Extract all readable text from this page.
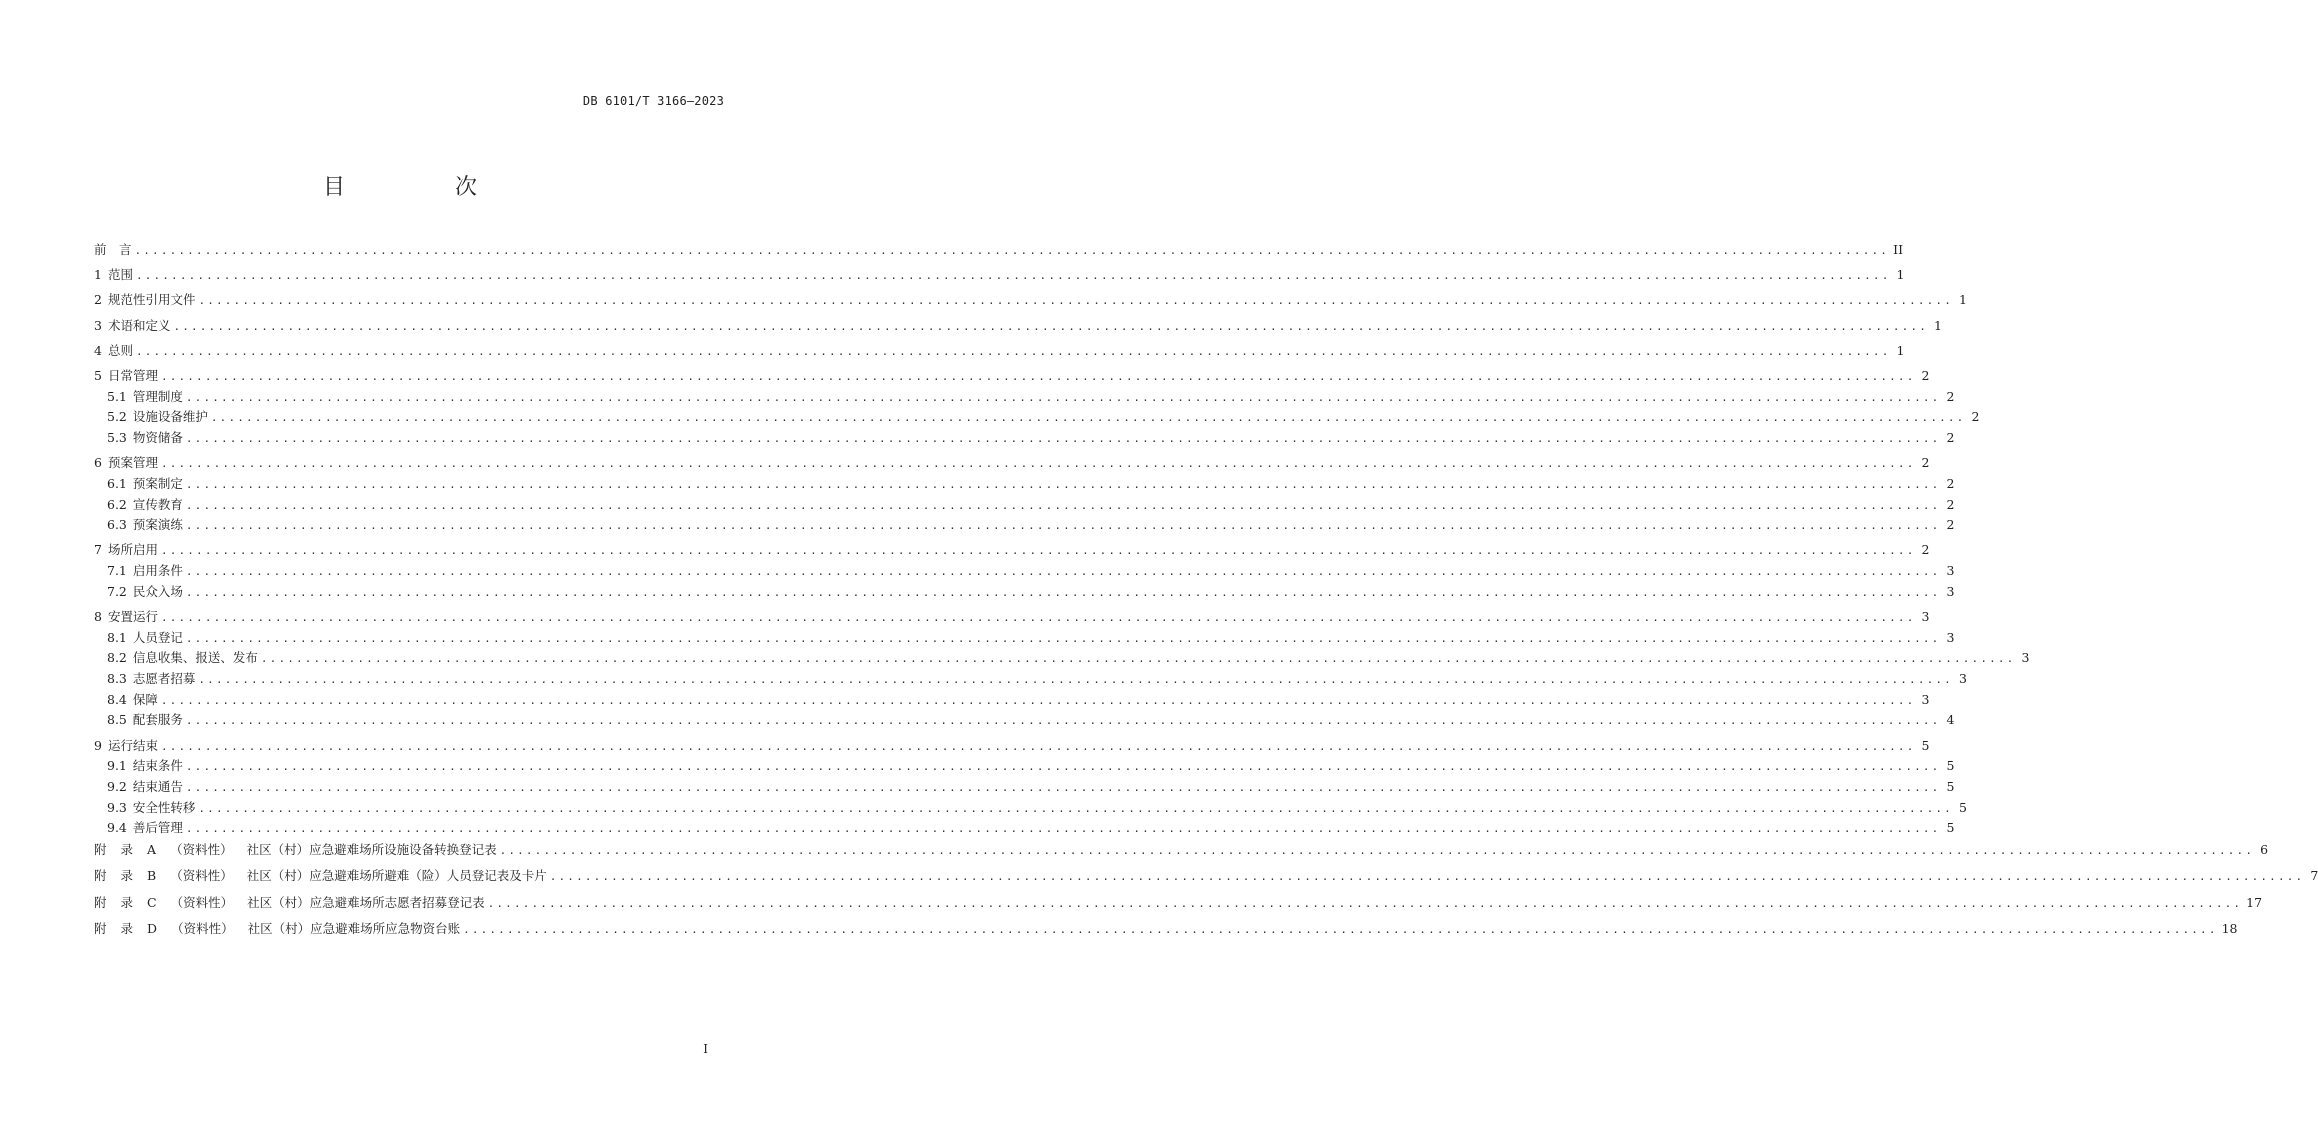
DB 6101/T 3166—2023
目　次
前　言 ........................................................................................................................................................................................................ II
1 范围 ........................................................................................................................................................................................................ 1
2 规范性引用文件 ........................................................................................................................................................................................................ 1
3 术语和定义 ........................................................................................................................................................................................................ 1
4 总则 ........................................................................................................................................................................................................ 1
5 日常管理 ........................................................................................................................................................................................................ 2
5.1 管理制度 ........................................................................................................................................................................................................ 2
5.2 设施设备维护 ........................................................................................................................................................................................................ 2
5.3 物资储备 ........................................................................................................................................................................................................ 2
6 预案管理 ........................................................................................................................................................................................................ 2
6.1 预案制定 ........................................................................................................................................................................................................ 2
6.2 宣传教育 ........................................................................................................................................................................................................ 2
6.3 预案演练 ........................................................................................................................................................................................................ 2
7 场所启用 ........................................................................................................................................................................................................ 2
7.1 启用条件 ........................................................................................................................................................................................................ 3
7.2 民众入场 ........................................................................................................................................................................................................ 3
8 安置运行 ........................................................................................................................................................................................................ 3
8.1 人员登记 ........................................................................................................................................................................................................ 3
8.2 信息收集、报送、发布 ........................................................................................................................................................................................................ 3
8.3 志愿者招募 ........................................................................................................................................................................................................ 3
8.4 保障 ........................................................................................................................................................................................................ 3
8.5 配套服务 ........................................................................................................................................................................................................ 4
9 运行结束 ........................................................................................................................................................................................................ 5
9.1 结束条件 ........................................................................................................................................................................................................ 5
9.2 结束通告 ........................................................................................................................................................................................................ 5
9.3 安全性转移 ........................................................................................................................................................................................................ 5
9.4 善后管理 ........................................................................................................................................................................................................ 5
附 录 A （资料性）	社区（村）应急避难场所设施设备转换登记表 ........................................................................................................................................................................................................ 6
附 录 B （资料性）	社区（村）应急避难场所避难（险）人员登记表及卡片 ........................................................................................................................................................................................................ 7
附 录 C （资料性）	社区（村）应急避难场所志愿者招募登记表 ........................................................................................................................................................................................................ 17
附 录 D （资料性）	社区（村）应急避难场所应急物资台账 ........................................................................................................................................................................................................ 18
I
